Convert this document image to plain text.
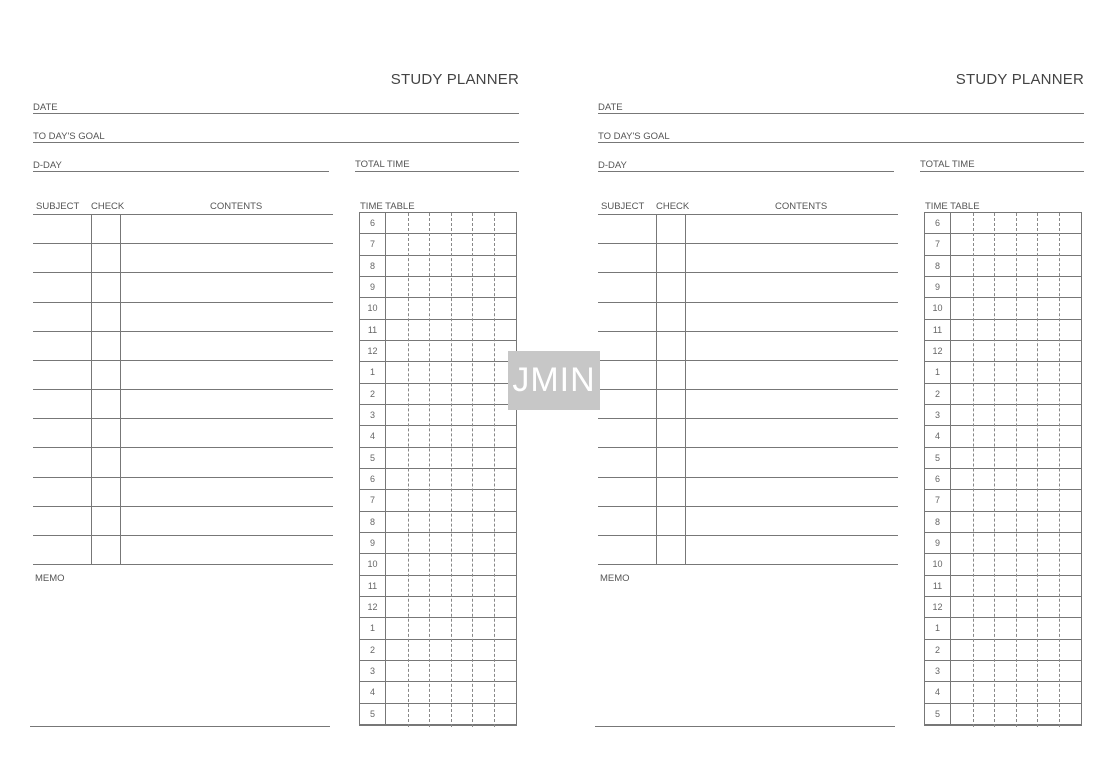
STUDY PLANNER
DATE
TO DAY'S GOAL
D-DAY	TOTAL TIME
SUBJECT CHECK	CONTENTS
MEMO
TIME TABLE
6
7
8
9
10
11
12
1
2
3
4
5
6
7
8
9
10
11
12
1
2
3
4
5
STUDY PLANNER
DATE
TO DAY'S GOAL
D-DAY	TOTAL TIME
SUBJECT CHECK	CONTENTS
MEMO
TIME TABLE
6
7
8
9
10
11
12
1
2
3
4
5
6
7
8
9
10
11
12
1
2
3
4
5
JMIN
